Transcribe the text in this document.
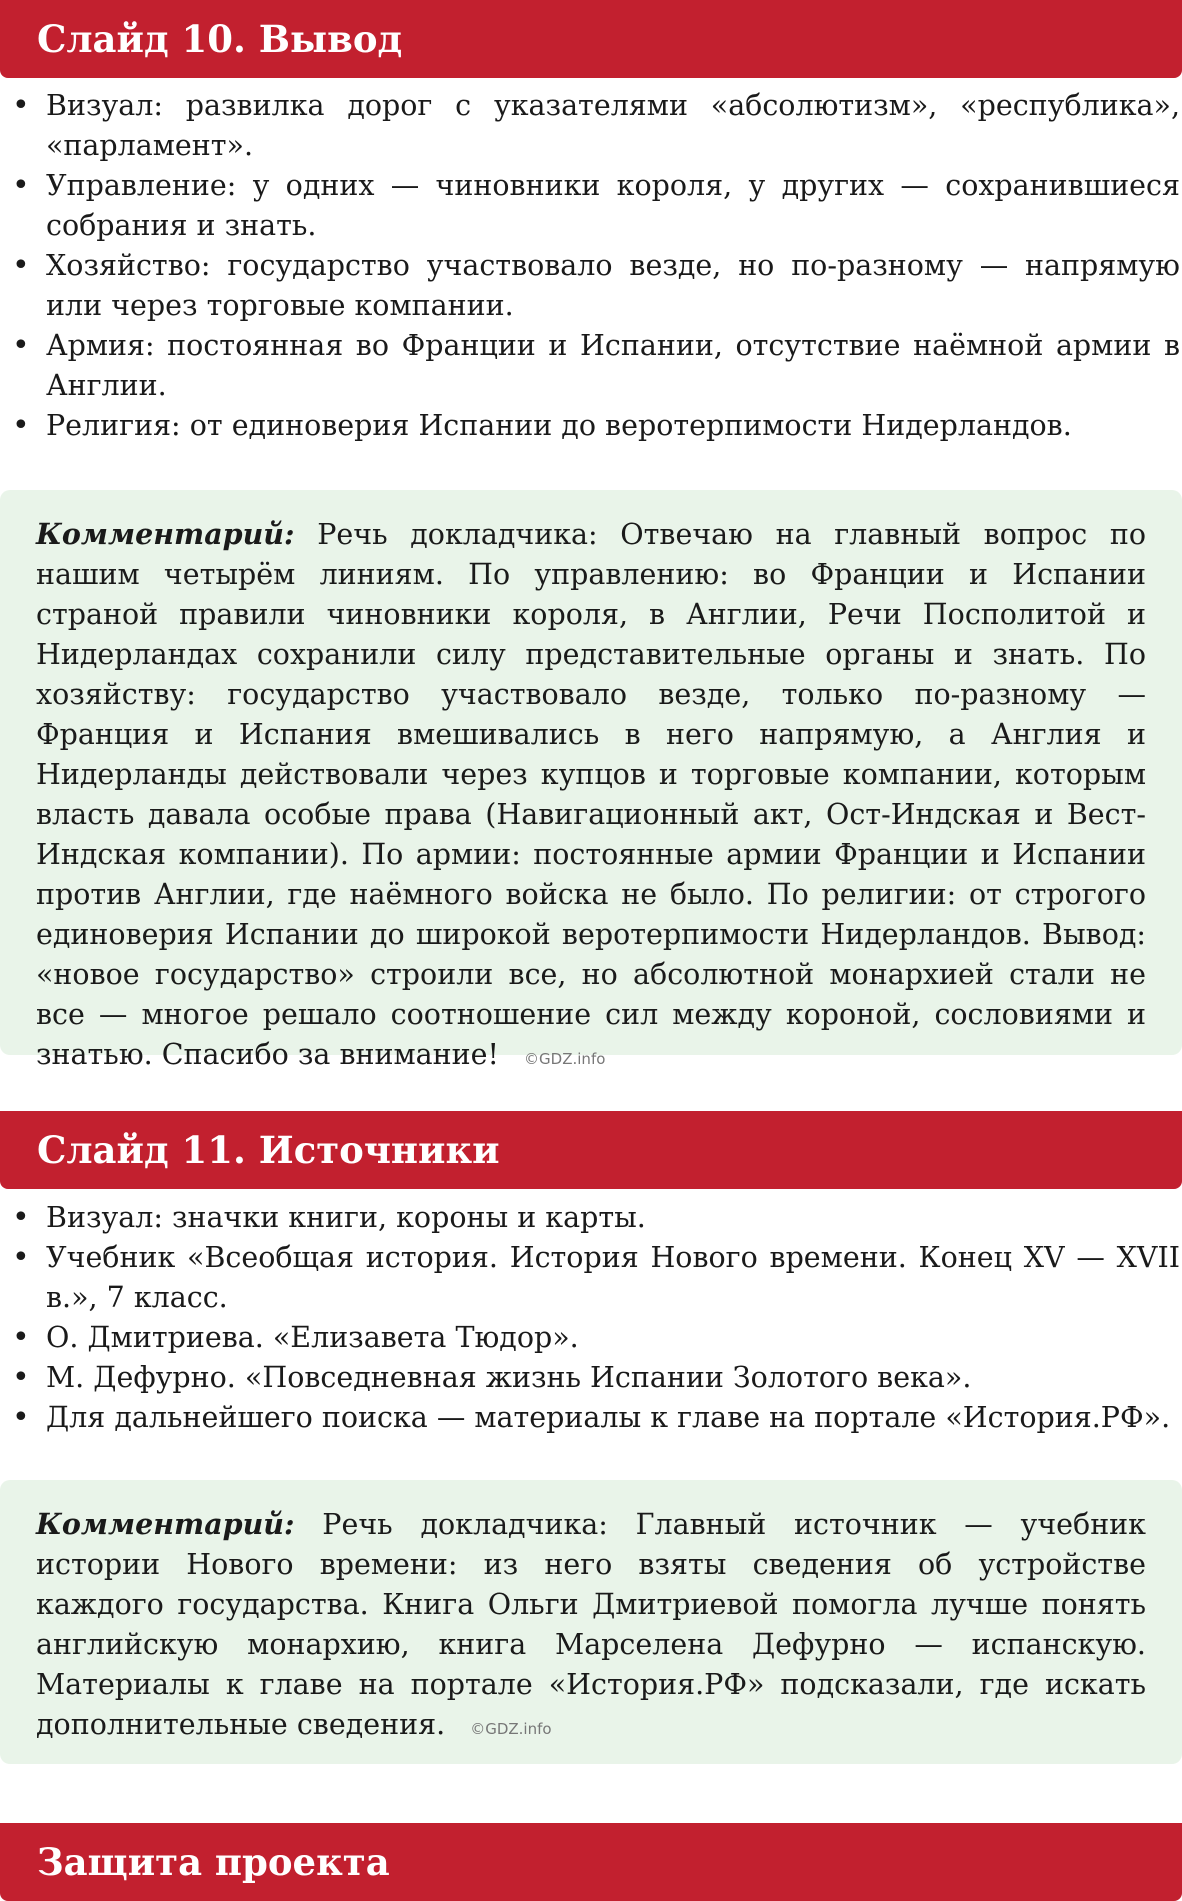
Слайд 10. Вывод
• Визуал: развилка дорог с указателями «абсолютизм», «республика», «парламент».
• Управление: у одних — чиновники короля, у других — сохранившиеся собрания и знать.
• Хозяйство: государство участвовало везде, но по-разному — напрямую или через торговые компании.
• Армия: постоянная во Франции и Испании, отсутствие наёмной армии в Англии.
• Религия: от единоверия Испании до веротерпимости Нидерландов.
Комментарий: Речь докладчика: Отвечаю на главный вопрос по нашим четырём линиям. По управлению: во Франции и Испании страной правили чиновники короля, в Англии, Речи Посполитой и Нидерландах сохранили силу представительные органы и знать. По хозяйству: государство участвовало везде, только по-разному — Франция и Испания вмешивались в него напрямую, а Англия и Нидерланды действовали через купцов и торговые компании, которым власть давала особые права (Навигационный акт, Ост-Индская и Вест-Индская компании). По армии: постоянные армии Франции и Испании против Англии, где наёмного войска не было. По религии: от строгого единоверия Испании до широкой веротерпимости Нидерландов. Вывод: «новое государство» строили все, но абсолютной монархией стали не все — многое решало соотношение сил между короной, сословиями и знатью. Спасибо за внимание! ©GDZ.info
Слайд 11. Источники
• Визуал: значки книги, короны и карты.
• Учебник «Всеобщая история. История Нового времени. Конец XV — XVII в.», 7 класс.
• О. Дмитриева. «Елизавета Тюдор».
• М. Дефурно. «Повседневная жизнь Испании Золотого века».
• Для дальнейшего поиска — материалы к главе на портале «История.РФ».
Комментарий: Речь докладчика: Главный источник — учебник истории Нового времени: из него взяты сведения об устройстве каждого государства. Книга Ольги Дмитриевой помогла лучше понять английскую монархию, книга Марселена Дефурно — испанскую. Материалы к главе на портале «История.РФ» подсказали, где искать дополнительные сведения. ©GDZ.info
Защита проекта
